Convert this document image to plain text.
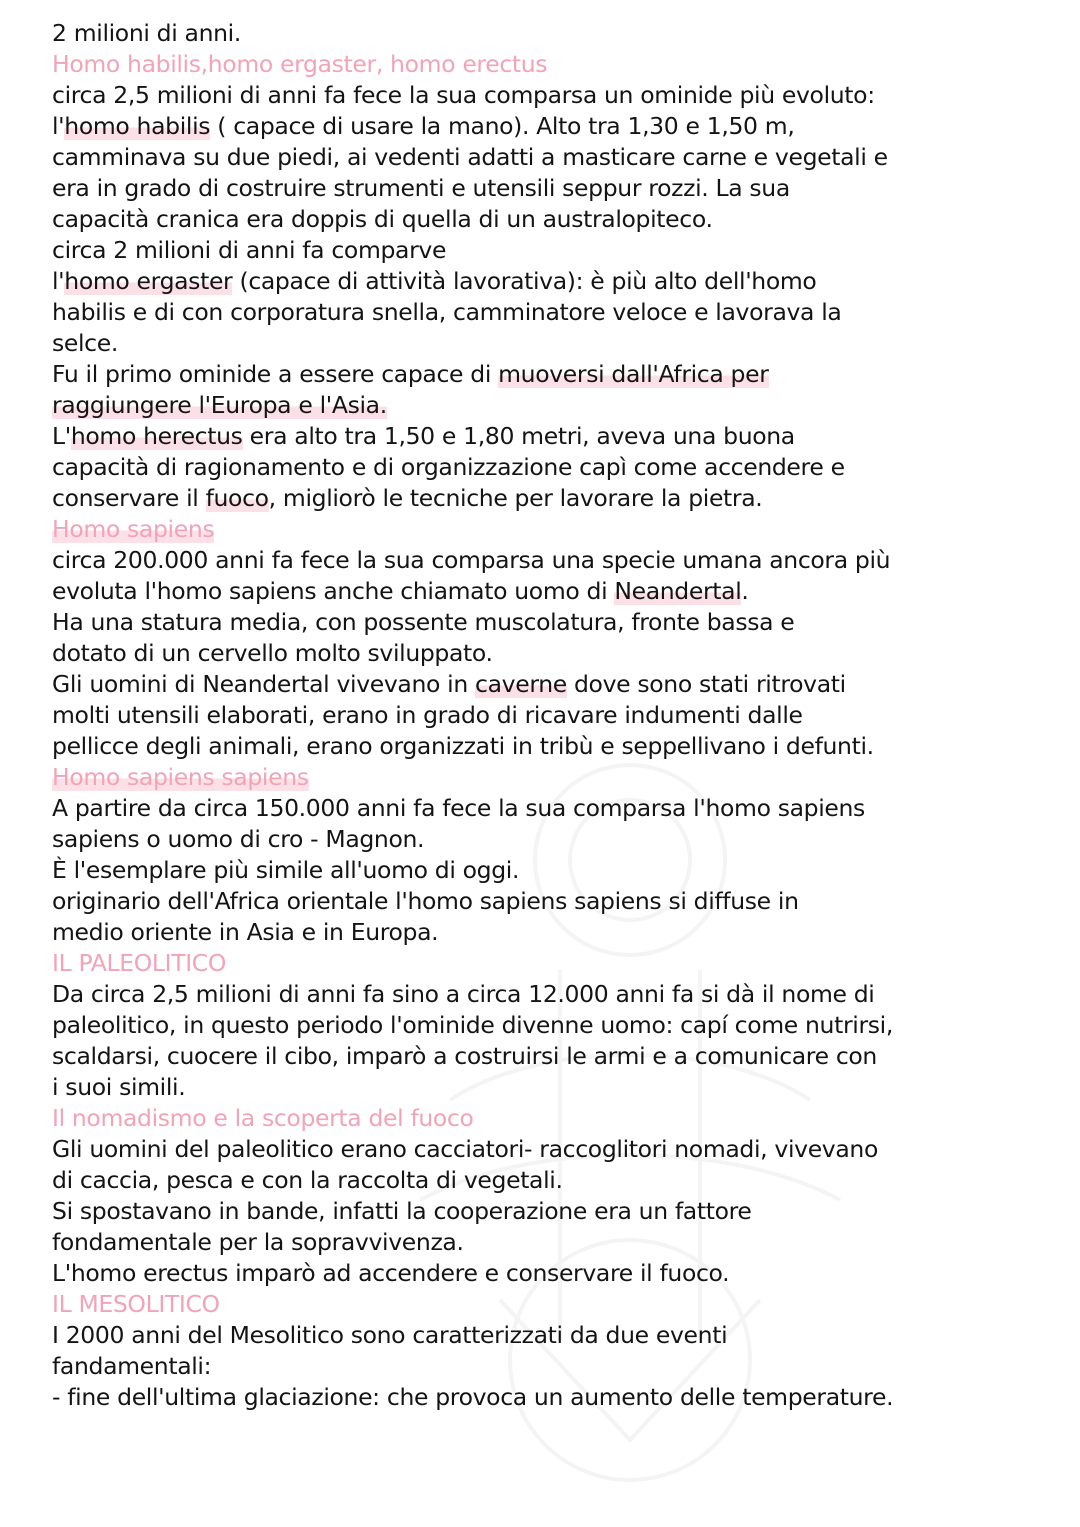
2 milioni di anni.
Homo habilis,homo ergaster, homo erectus
circa 2,5 milioni di anni fa fece la sua comparsa un ominide più evoluto:
l'homo habilis ( capace di usare la mano). Alto tra 1,30 e 1,50 m,
camminava su due piedi, ai vedenti adatti a masticare carne e vegetali e
era in grado di costruire strumenti e utensili seppur rozzi. La sua
capacità cranica era doppis di quella di un australopiteco.
circa 2 milioni di anni fa comparve
l'homo ergaster (capace di attività lavorativa): è più alto dell'homo
habilis e di con corporatura snella, camminatore veloce e lavorava la
selce.
Fu il primo ominide a essere capace di muoversi dall'Africa per
raggiungere l'Europa e l'Asia.
L'homo herectus era alto tra 1,50 e 1,80 metri, aveva una buona
capacità di ragionamento e di organizzazione capì come accendere e
conservare il fuoco, migliorò le tecniche per lavorare la pietra.
Homo sapiens
circa 200.000 anni fa fece la sua comparsa una specie umana ancora più
evoluta l'homo sapiens anche chiamato uomo di Neandertal.
Ha una statura media, con possente muscolatura, fronte bassa e
dotato di un cervello molto sviluppato.
Gli uomini di Neandertal vivevano in caverne dove sono stati ritrovati
molti utensili elaborati, erano in grado di ricavare indumenti dalle
pellicce degli animali, erano organizzati in tribù e seppellivano i defunti.
Homo sapiens sapiens
A partire da circa 150.000 anni fa fece la sua comparsa l'homo sapiens
sapiens o uomo di cro - Magnon.
È l'esemplare più simile all'uomo di oggi.
originario dell'Africa orientale l'homo sapiens sapiens si diffuse in
medio oriente in Asia e in Europa.
IL PALEOLITICO
Da circa 2,5 milioni di anni fa sino a circa 12.000 anni fa si dà il nome di
paleolitico, in questo periodo l'ominide divenne uomo: capí come nutrirsi,
scaldarsi, cuocere il cibo, imparò a costruirsi le armi e a comunicare con
i suoi simili.
Il nomadismo e la scoperta del fuoco
Gli uomini del paleolitico erano cacciatori- raccoglitori nomadi, vivevano
di caccia, pesca e con la raccolta di vegetali.
Si spostavano in bande, infatti la cooperazione era un fattore
fondamentale per la sopravvivenza.
L'homo erectus imparò ad accendere e conservare il fuoco.
IL MESOLITICO
I 2000 anni del Mesolitico sono caratterizzati da due eventi
fandamentali:
- fine dell'ultima glaciazione: che provoca un aumento delle temperature.
